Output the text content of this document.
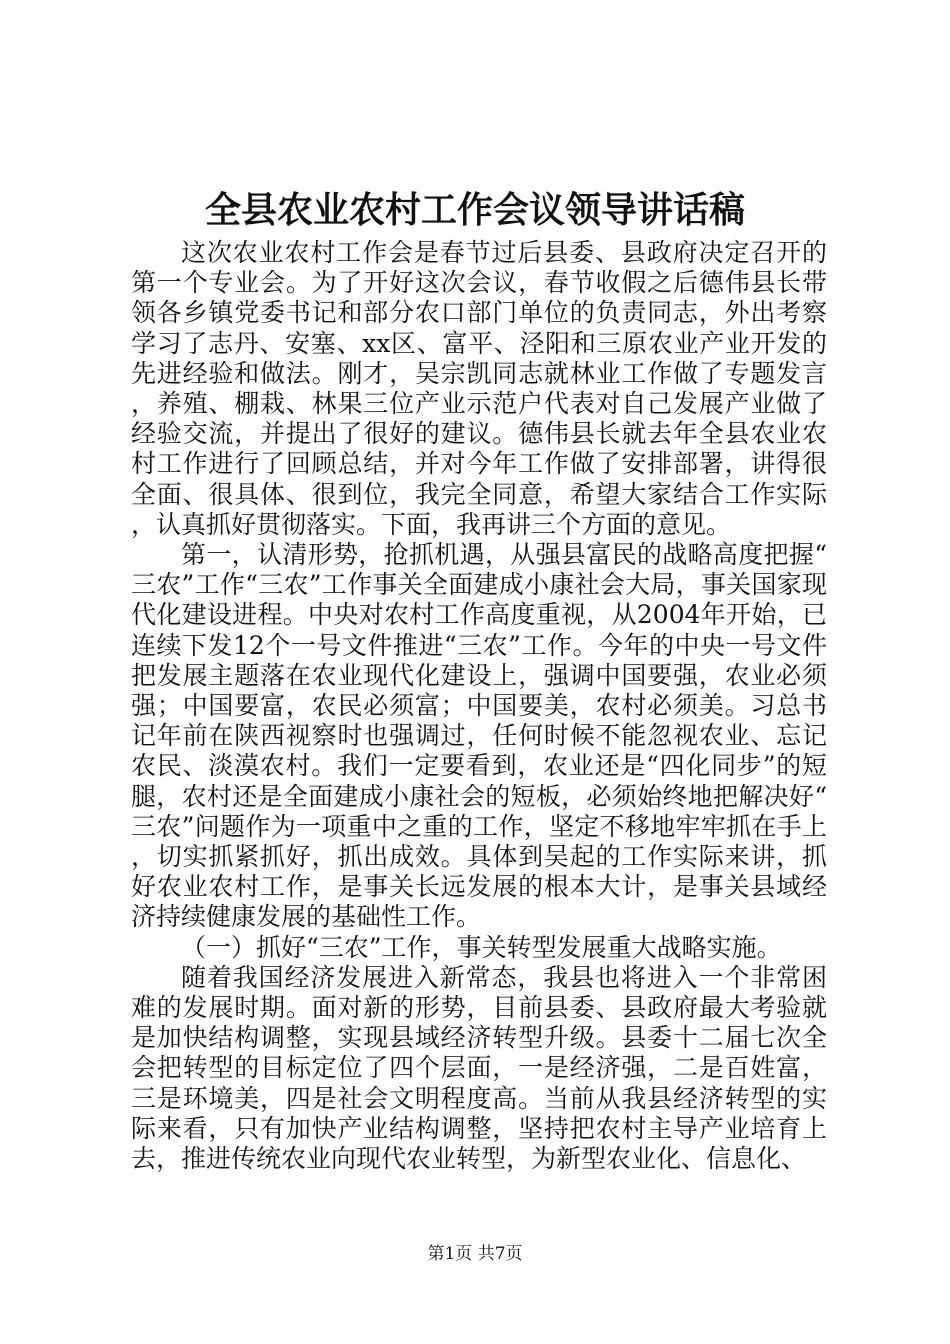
全县农业农村工作会议领导讲话稿

这次农业农村工作会是春节过后县委、县政府决定召开的第一个专业会。为了开好这次会议，春节收假之后德伟县长带领各乡镇党委书记和部分农口部门单位的负责同志，外出考察学习了志丹、安塞、xx区、富平、泾阳和三原农业产业开发的先进经验和做法。刚才，吴宗凯同志就林业工作做了专题发言，养殖、棚栽、林果三位产业示范户代表对自己发展产业做了经验交流，并提出了很好的建议。德伟县长就去年全县农业农村工作进行了回顾总结，并对今年工作做了安排部署，讲得很全面、很具体、很到位，我完全同意，希望大家结合工作实际，认真抓好贯彻落实。下面，我再讲三个方面的意见。

第一，认清形势，抢抓机遇，从强县富民的战略高度把握“三农”工作“三农”工作事关全面建成小康社会大局，事关国家现代化建设进程。中央对农村工作高度重视，从2004年开始，已连续下发12个一号文件推进“三农”工作。今年的中央一号文件把发展主题落在农业现代化建设上，强调中国要强，农业必须强；中国要富，农民必须富；中国要美，农村必须美。习总书记年前在陕西视察时也强调过，任何时候不能忽视农业、忘记农民、淡漠农村。我们一定要看到，农业还是“四化同步”的短腿，农村还是全面建成小康社会的短板，必须始终地把解决好“三农”问题作为一项重中之重的工作，坚定不移地牢牢抓在手上，切实抓紧抓好，抓出成效。具体到吴起的工作实际来讲，抓好农业农村工作，是事关长远发展的根本大计，是事关县域经济持续健康发展的基础性工作。

（一）抓好“三农”工作，事关转型发展重大战略实施。

随着我国经济发展进入新常态，我县也将进入一个非常困难的发展时期。面对新的形势，目前县委、县政府最大考验就是加快结构调整，实现县域经济转型升级。县委十二届七次全会把转型的目标定位了四个层面，一是经济强，二是百姓富，三是环境美，四是社会文明程度高。当前从我县经济转型的实际来看，只有加快产业结构调整，坚持把农村主导产业培育上去，推进传统农业向现代农业转型，为新型农业化、信息化、

第1页 共7页
